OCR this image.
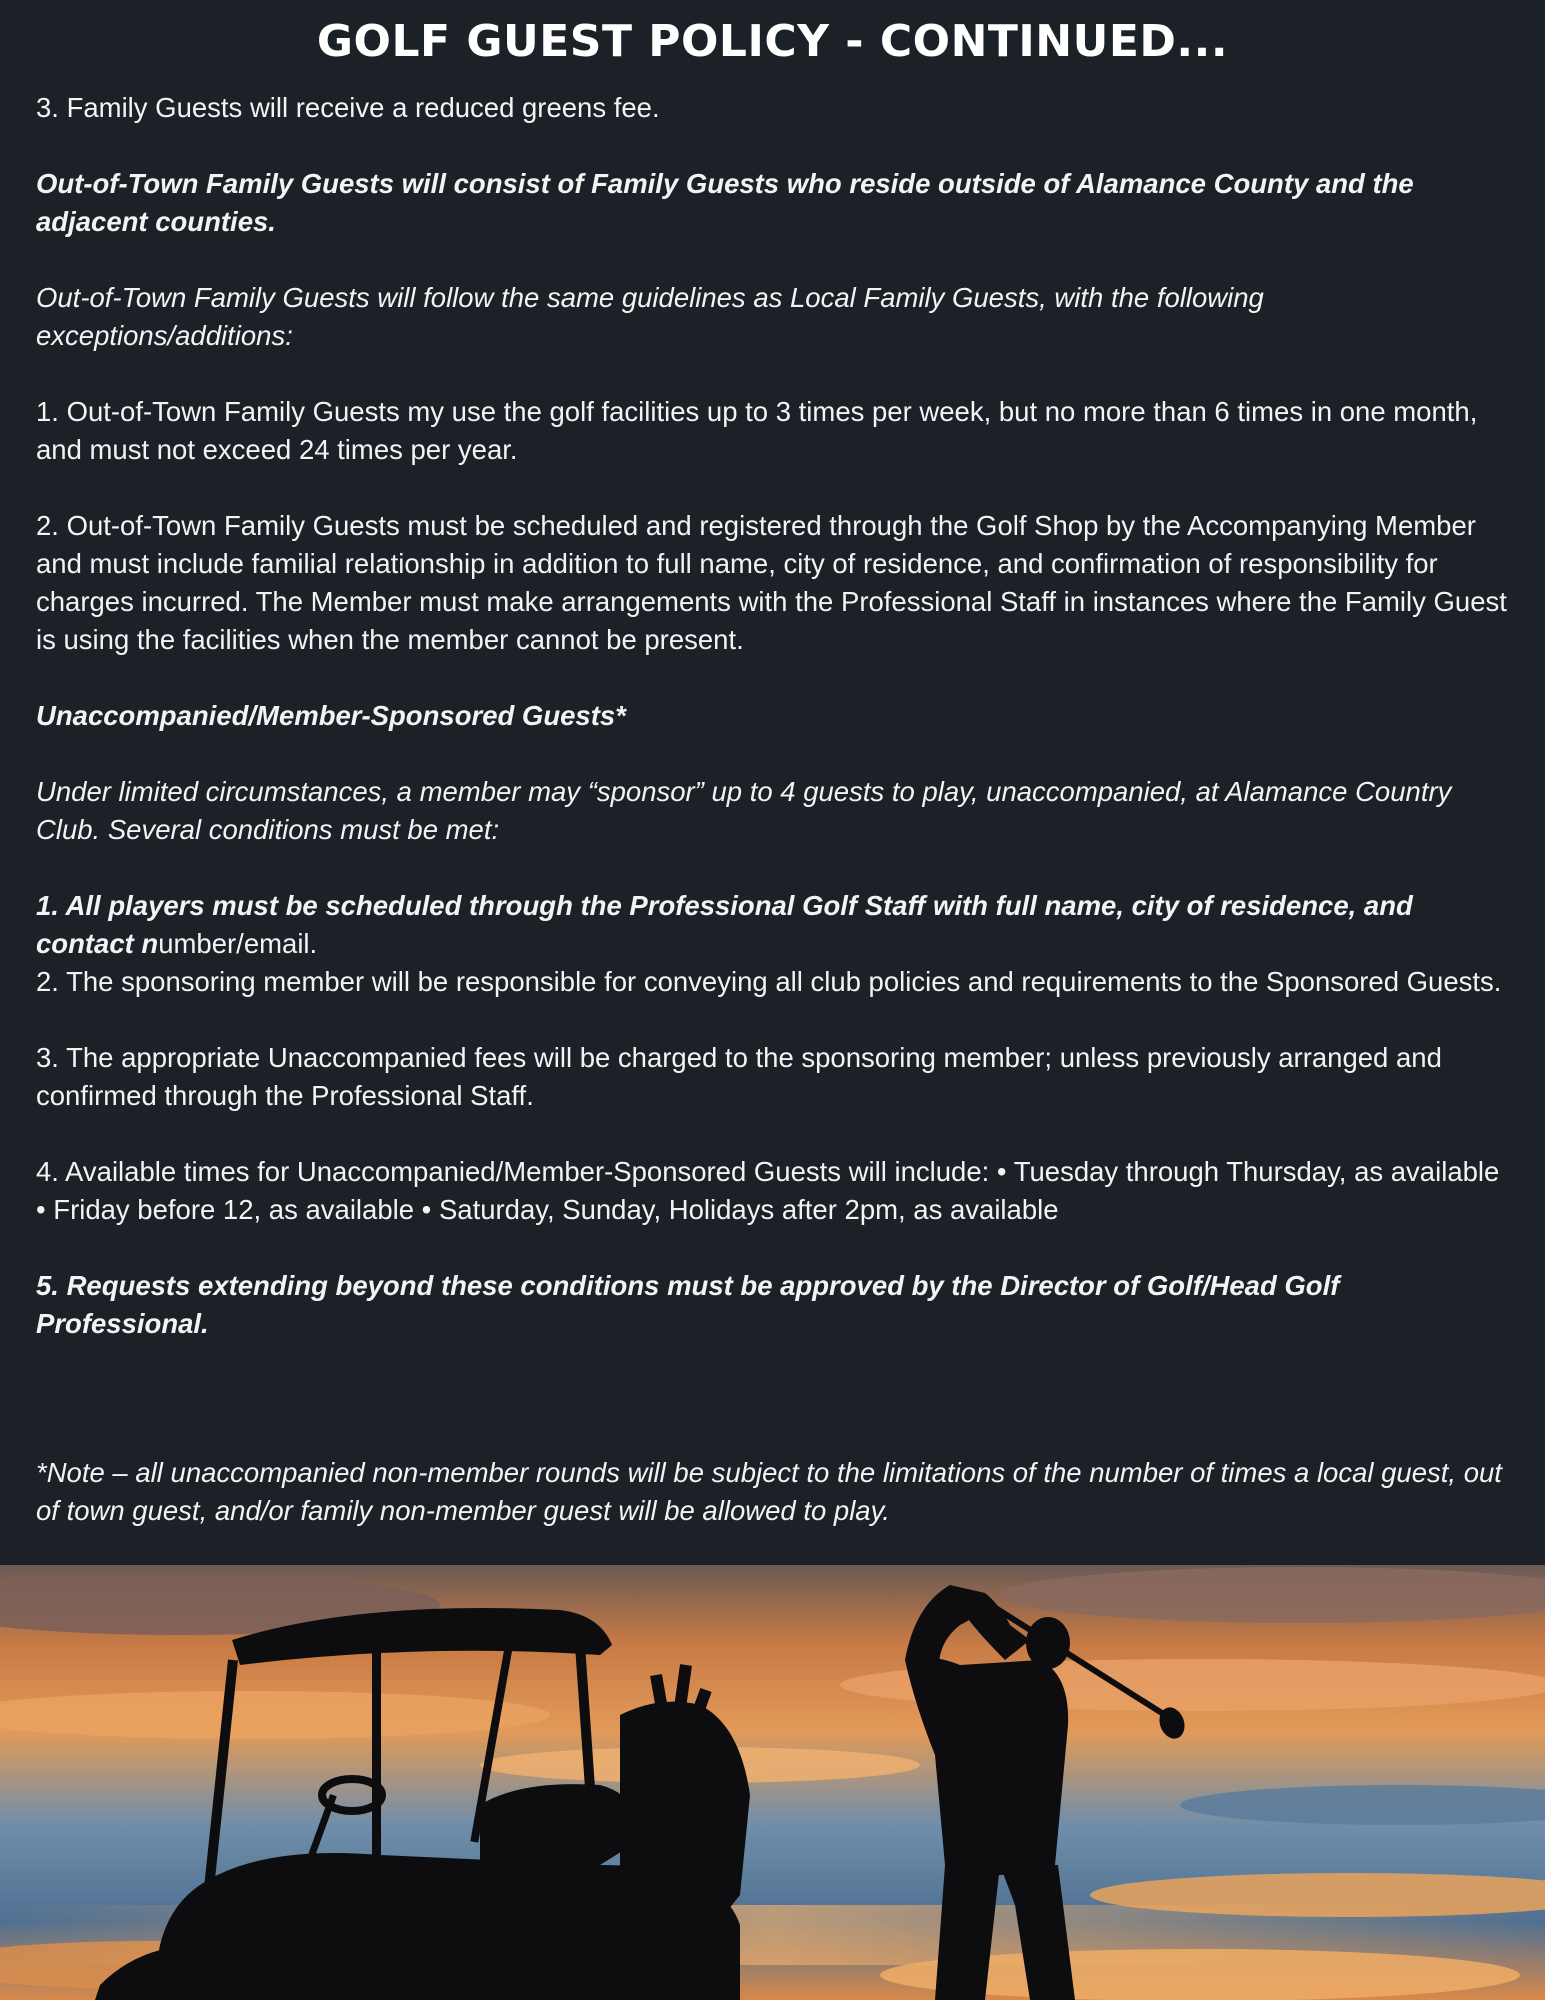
GOLF GUEST POLICY - CONTINUED...

3. Family Guests will receive a reduced greens fee.

Out-of-Town Family Guests will consist of Family Guests who reside outside of Alamance County and the adjacent counties.

Out-of-Town Family Guests will follow the same guidelines as Local Family Guests, with the following exceptions/additions:

1. Out-of-Town Family Guests my use the golf facilities up to 3 times per week, but no more than 6 times in one month, and must not exceed 24 times per year.

2. Out-of-Town Family Guests must be scheduled and registered through the Golf Shop by the Accompanying Member and must include familial relationship in addition to full name, city of residence, and confirmation of responsibility for charges incurred. The Member must make arrangements with the Professional Staff in instances where the Family Guest is using the facilities when the member cannot be present.

Unaccompanied/Member-Sponsored Guests*

Under limited circumstances, a member may “sponsor” up to 4 guests to play, unaccompanied, at Alamance Country Club. Several conditions must be met:

1. All players must be scheduled through the Professional Golf Staff with full name, city of residence, and contact number/email.

2. The sponsoring member will be responsible for conveying all club policies and requirements to the Sponsored Guests.

3. The appropriate Unaccompanied fees will be charged to the sponsoring member; unless previously arranged and confirmed through the Professional Staff.

4. Available times for Unaccompanied/Member-Sponsored Guests will include: • Tuesday through Thursday, as available • Friday before 12, as available • Saturday, Sunday, Holidays after 2pm, as available

5. Requests extending beyond these conditions must be approved by the Director of Golf/Head Golf Professional.

*Note – all unaccompanied non-member rounds will be subject to the limitations of the number of times a local guest, out of town guest, and/or family non-member guest will be allowed to play.
